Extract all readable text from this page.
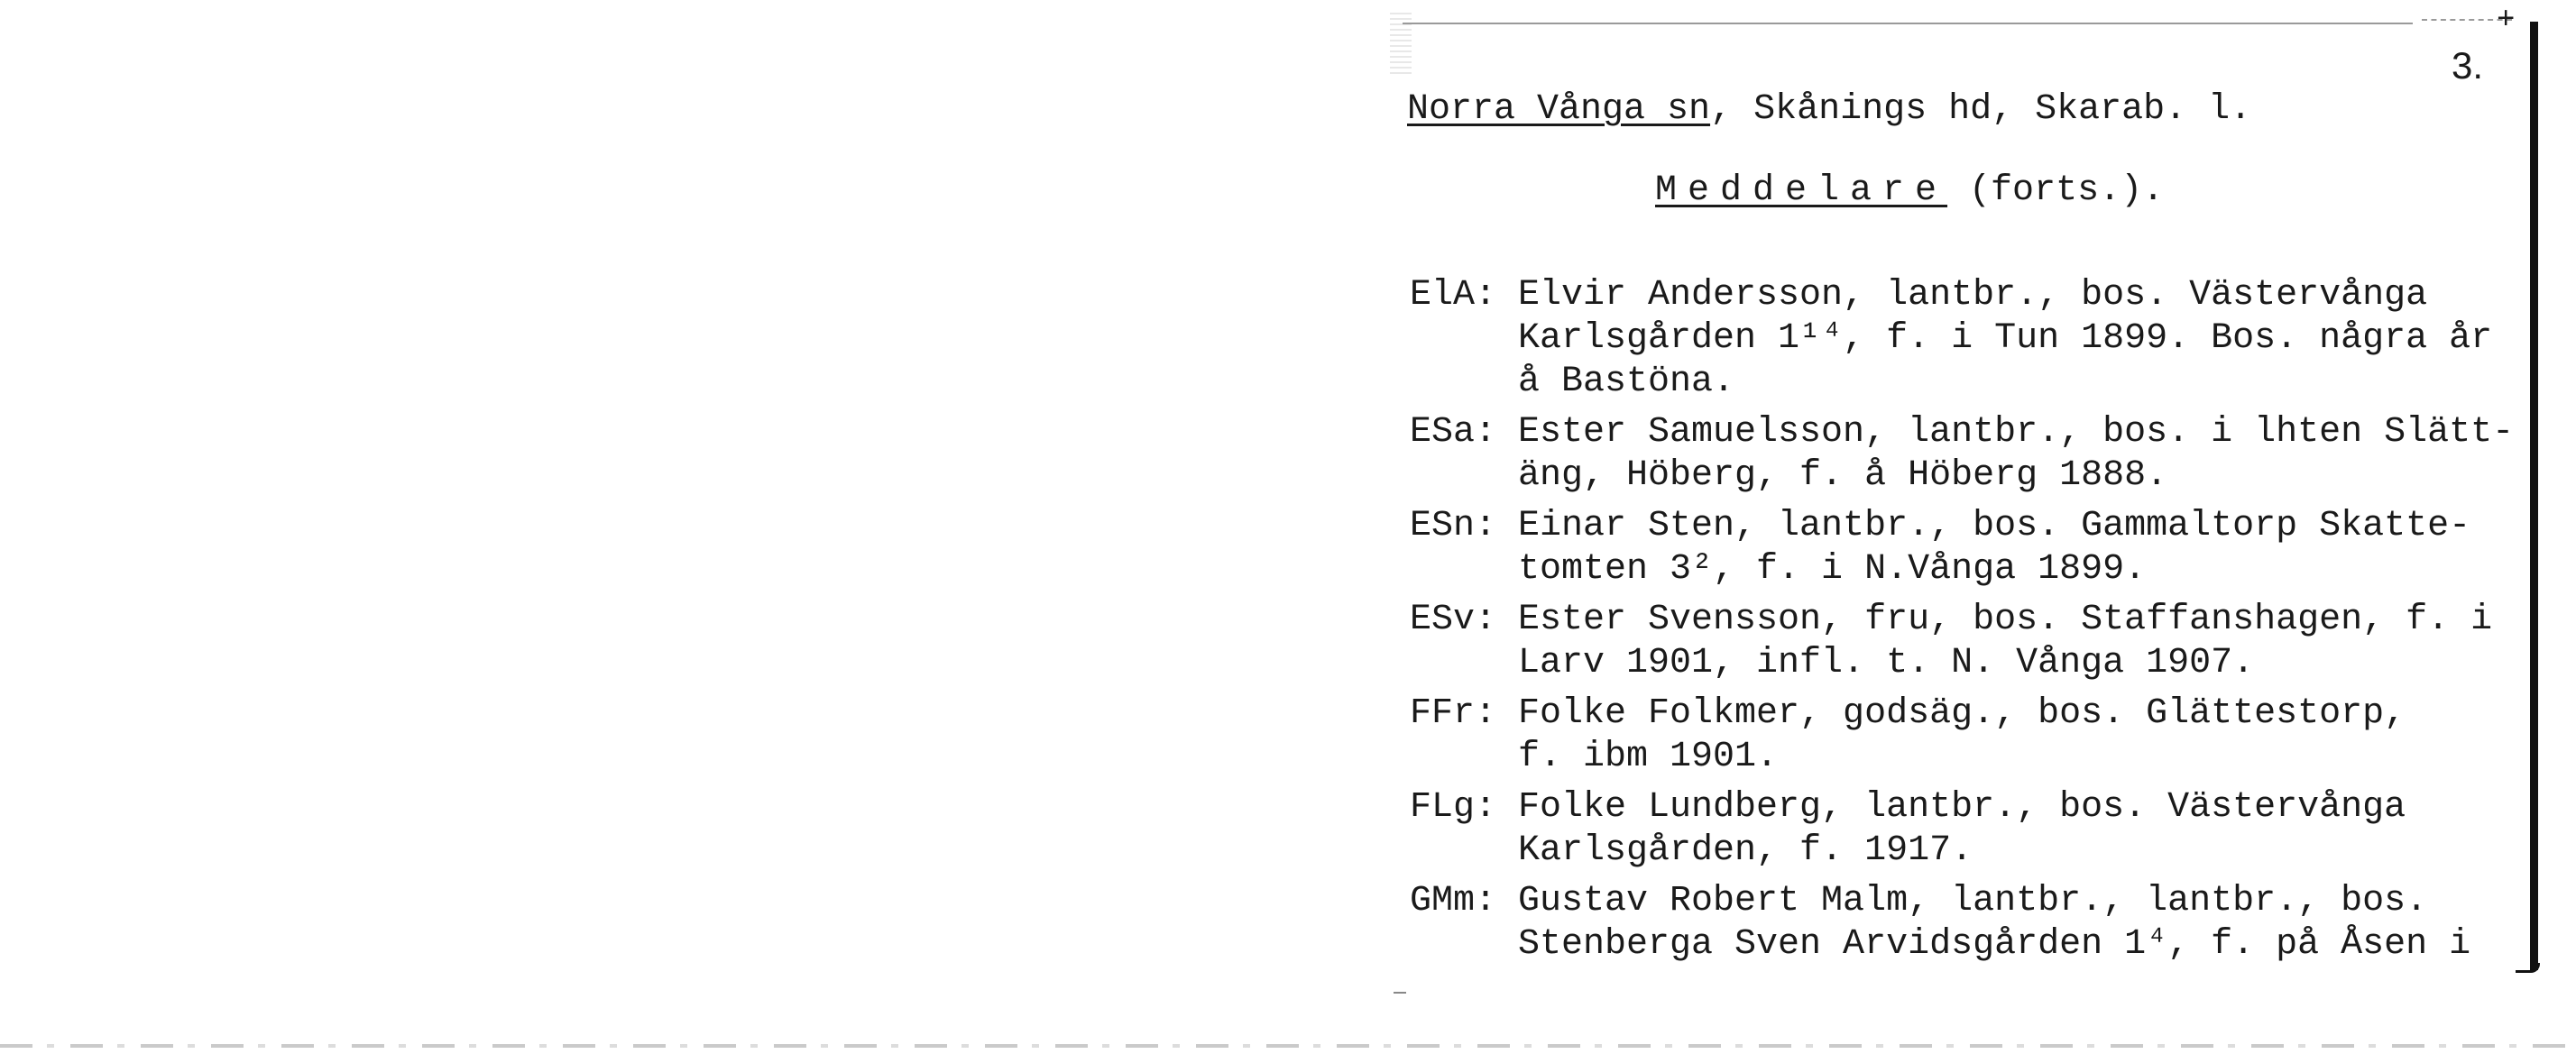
+
3.
Norra Vånga sn, Skånings hd, Skarab. l.
Meddelare (forts.).
ElA: Elvir Andersson, lantbr., bos. Västervånga
Karlsgården 1¹⁴, f. i Tun 1899. Bos. några år
å Bastöna.
ESa: Ester Samuelsson, lantbr., bos. i lhten Slätt-
äng, Höberg, f. å Höberg 1888.
ESn: Einar Sten, lantbr., bos. Gammaltorp Skatte-
tomten 3², f. i N.Vånga 1899.
ESv: Ester Svensson, fru, bos. Staffanshagen, f. i
Larv 1901, infl. t. N. Vånga 1907.
FFr: Folke Folkmer, godsäg., bos. Glättestorp,
f. ibm 1901.
FLg: Folke Lundberg, lantbr., bos. Västervånga
Karlsgården, f. 1917.
GMm: Gustav Robert Malm, lantbr., lantbr., bos.
Stenberga Sven Arvidsgården 1⁴, f. på Åsen i
